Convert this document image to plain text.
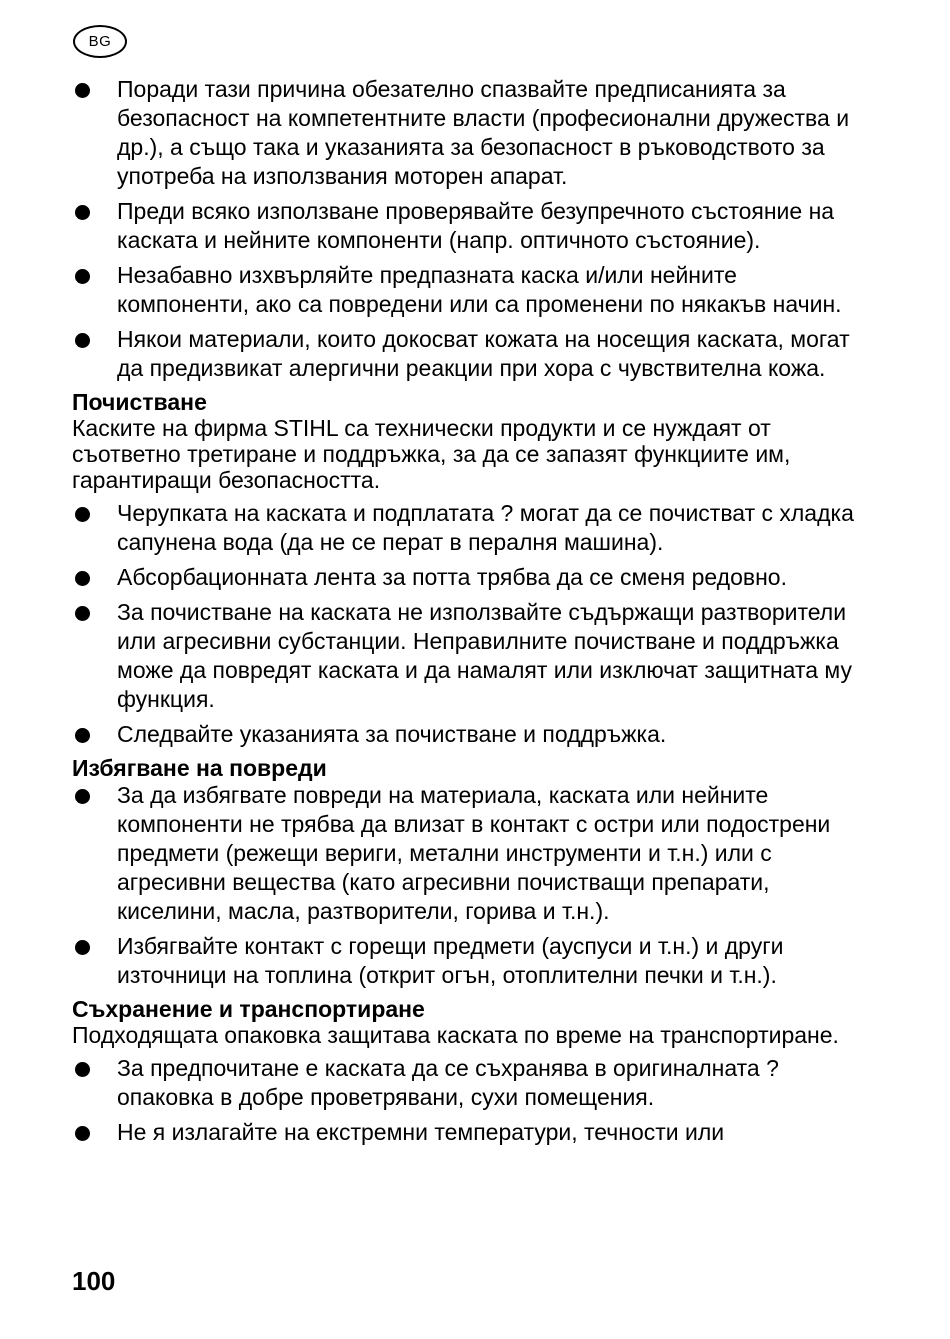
BG
Поради тази причина обезателно спазвайте предписанията за безопасност на компетентните власти (професионални дружества и др.), а също така и указанията за безопасност в ръководството за употреба на използвания моторен апарат.
Преди всяко използване проверявайте безупречното състояние на каската и нейните компоненти (напр. оптичното състояние).
Незабавно изхвърляйте предпазната каска и/или нейните компоненти, ако са повредени или са променени по някакъв начин.
Някои материали, които докосват кожата на носещия каската, могат да предизвикат алергични реакции при хора с чувствителна кожа.
Почистване

Каските на фирма STIHL са технически продукти и се нуждаят от съответно третиране и поддръжка, за да се запазят функциите им, гарантиращи безопасността.

Черупката на каската и подплатата ? могат да се почистват с хладка сапунена вода (да не се перат в пералня машина).
Абсорбационната лента за потта трябва да се сменя редовно.
За почистване на каската не използвайте съдържащи разтворители или агресивни субстанции. Неправилните почистване и поддръжка може да повредят каската и да намалят или изключат защитната му функция.
Следвайте указанията за почистване и поддръжка.
Избягване на повреди
За да избягвате повреди на материала, каската или нейните компоненти не трябва да влизат в контакт с остри или подострени предмети (режещи вериги, метални инструменти и т.н.) или с агресивни вещества (като агресивни почистващи препарати, киселини, масла, разтворители, горива и т.н.).
Избягвайте контакт с горещи предмети (ауспуси и т.н.) и други източници на топлина (открит огън, отоплителни печки и т.н.).
Съхранение и транспортиране

Подходящата опаковка защитава каската по време на транспортиране.

За предпочитане е каската да се съхранява в оригиналната ? опаковка в добре проветрявани, сухи помещения.
Не я излагайте на екстремни температури, течности или
100
